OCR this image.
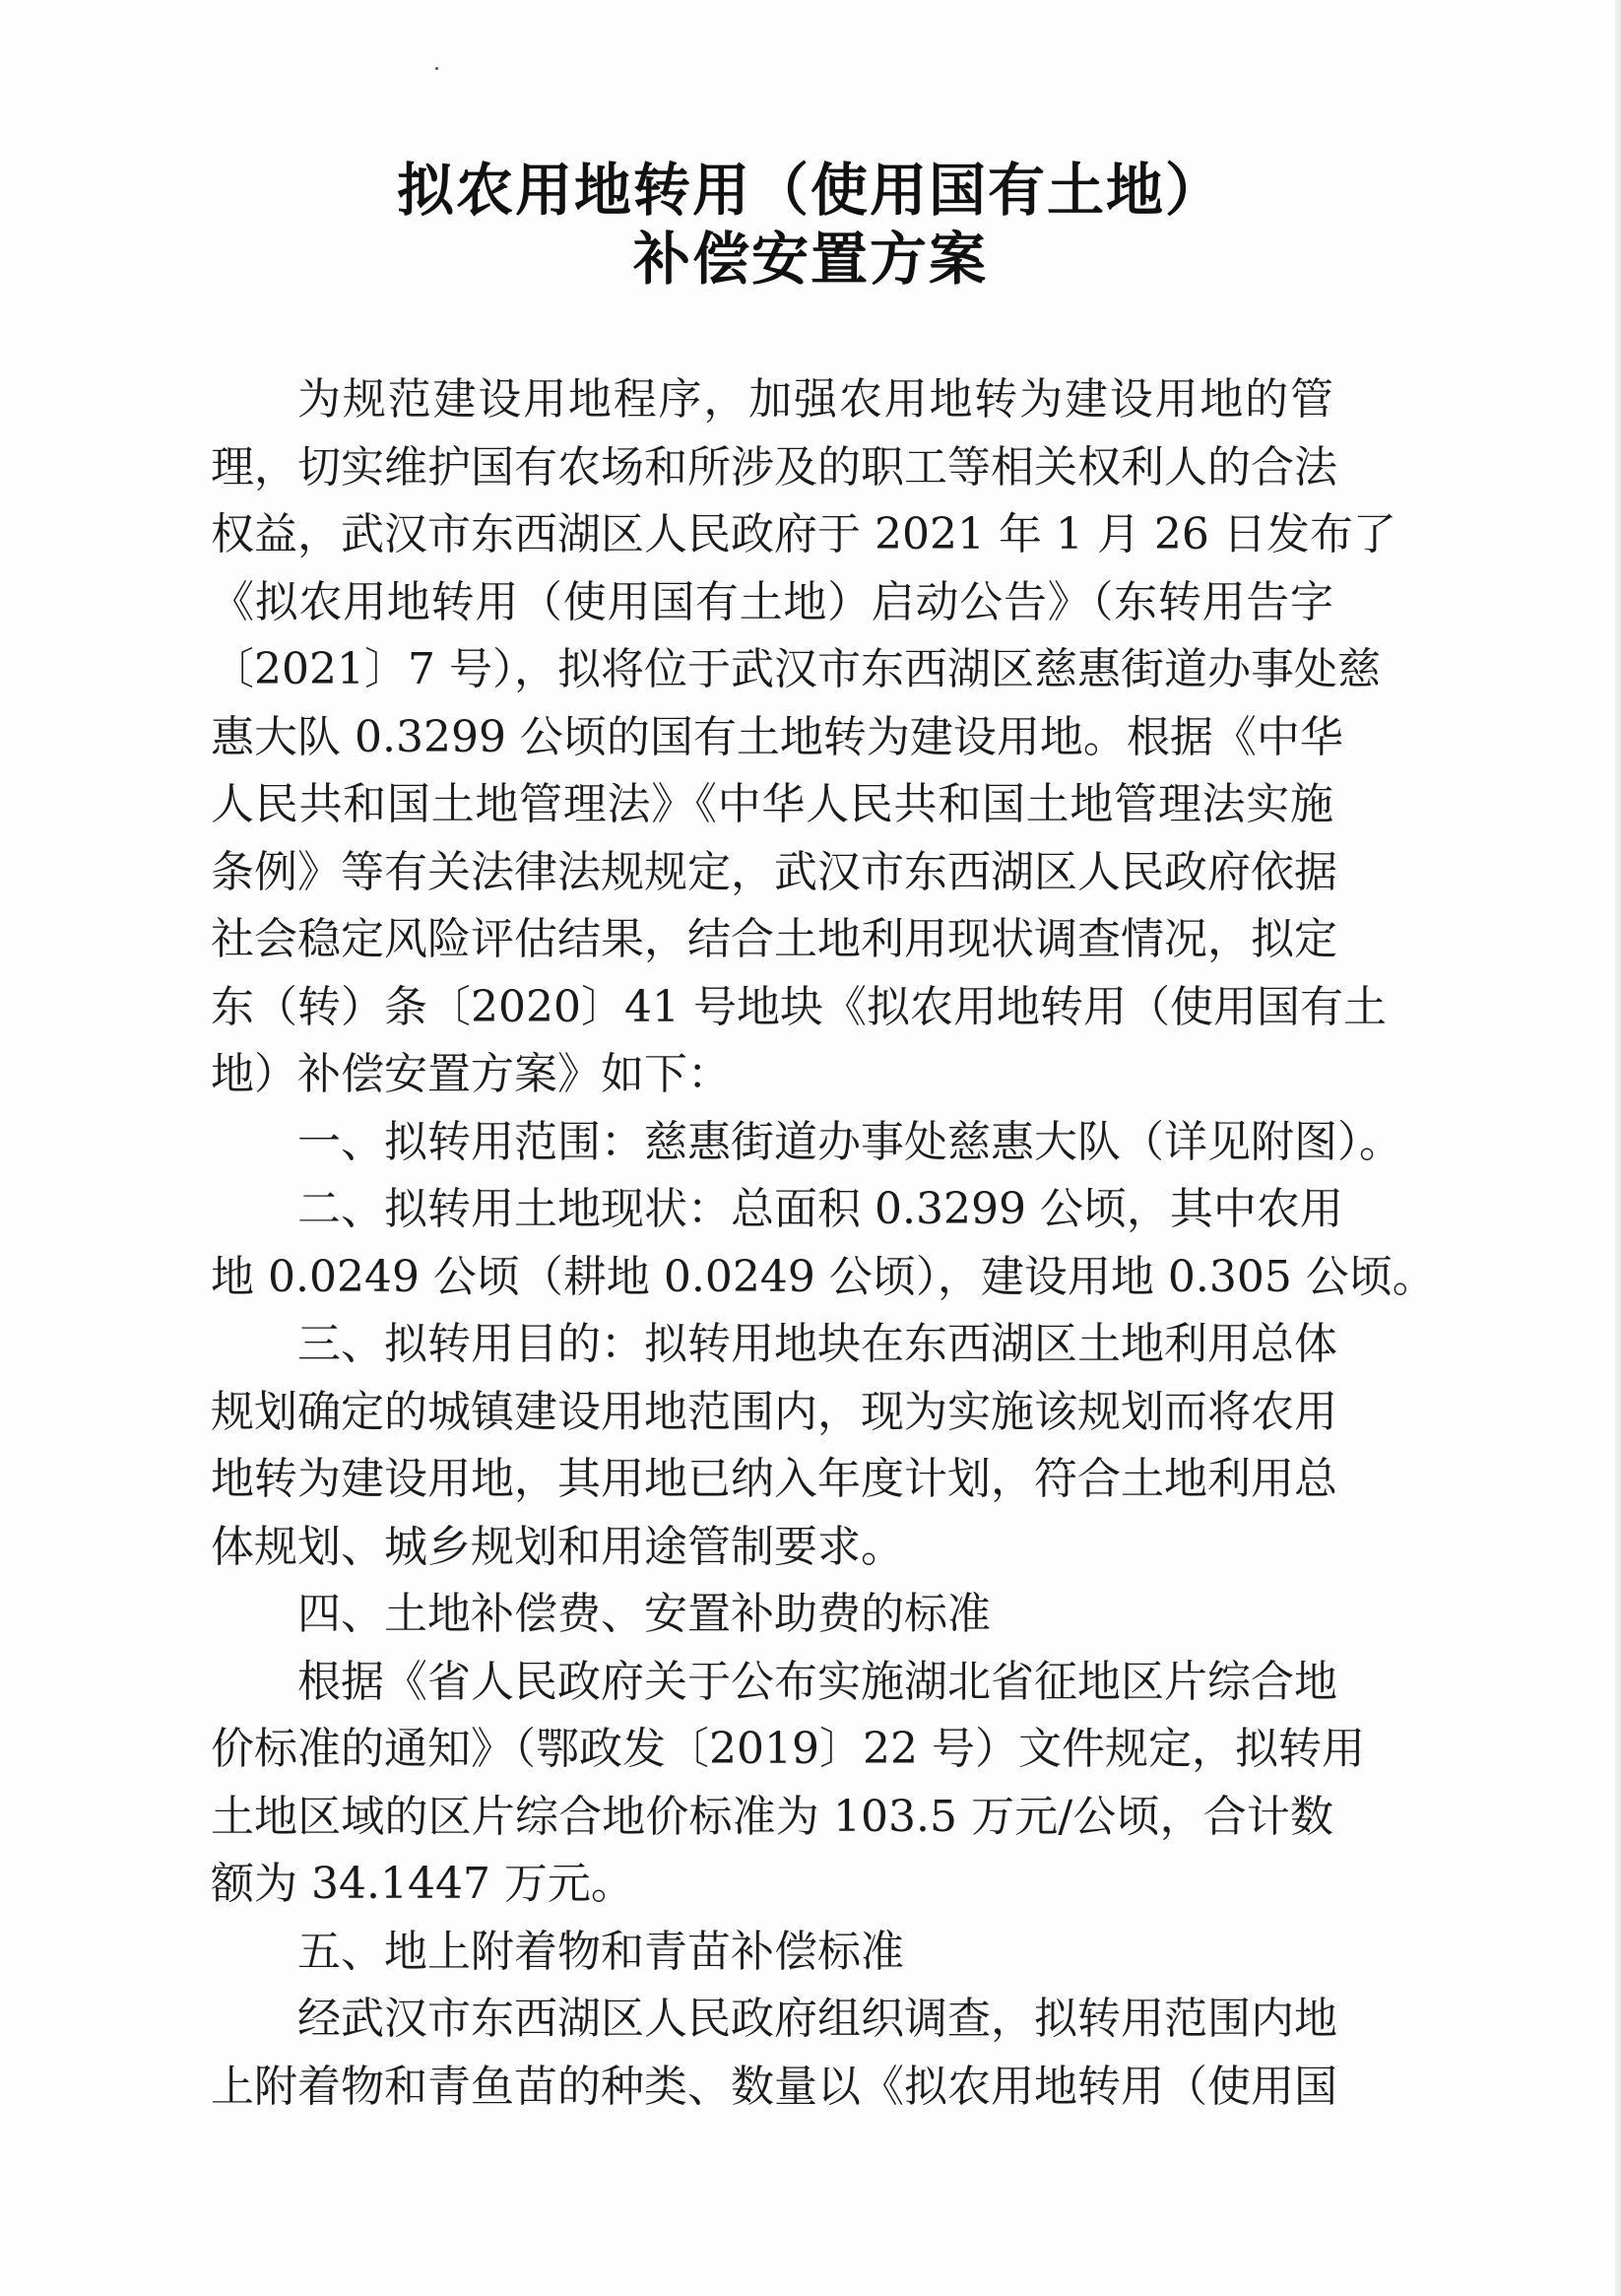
拟农用地转用（使用国有土地）
补偿安置方案
为规范建设用地程序，加强农用地转为建设用地的管
理，切实维护国有农场和所涉及的职工等相关权利人的合法
权益，武汉市东西湖区人民政府于 2021 年 1 月 26 日发布了
《拟农用地转用（使用国有土地）启动公告》（东转用告字
〔2021〕7 号），拟将位于武汉市东西湖区慈惠街道办事处慈
惠大队 0.3299 公顷的国有土地转为建设用地。根据《中华
人民共和国土地管理法》《中华人民共和国土地管理法实施
条例》等有关法律法规规定，武汉市东西湖区人民政府依据
社会稳定风险评估结果，结合土地利用现状调查情况，拟定
东（转）条〔2020〕41 号地块《拟农用地转用（使用国有土
地）补偿安置方案》如下：
一、拟转用范围：慈惠街道办事处慈惠大队（详见附图）。
二、拟转用土地现状：总面积 0.3299 公顷，其中农用
地 0.0249 公顷（耕地 0.0249 公顷），建设用地 0.305 公顷。
三、拟转用目的：拟转用地块在东西湖区土地利用总体
规划确定的城镇建设用地范围内，现为实施该规划而将农用
地转为建设用地，其用地已纳入年度计划，符合土地利用总
体规划、城乡规划和用途管制要求。
四、土地补偿费、安置补助费的标准
根据《省人民政府关于公布实施湖北省征地区片综合地
价标准的通知》（鄂政发〔2019〕22 号）文件规定，拟转用
土地区域的区片综合地价标准为 103.5 万元/公顷，合计数
额为 34.1447 万元。
五、地上附着物和青苗补偿标准
经武汉市东西湖区人民政府组织调查，拟转用范围内地
上附着物和青鱼苗的种类、数量以《拟农用地转用（使用国
